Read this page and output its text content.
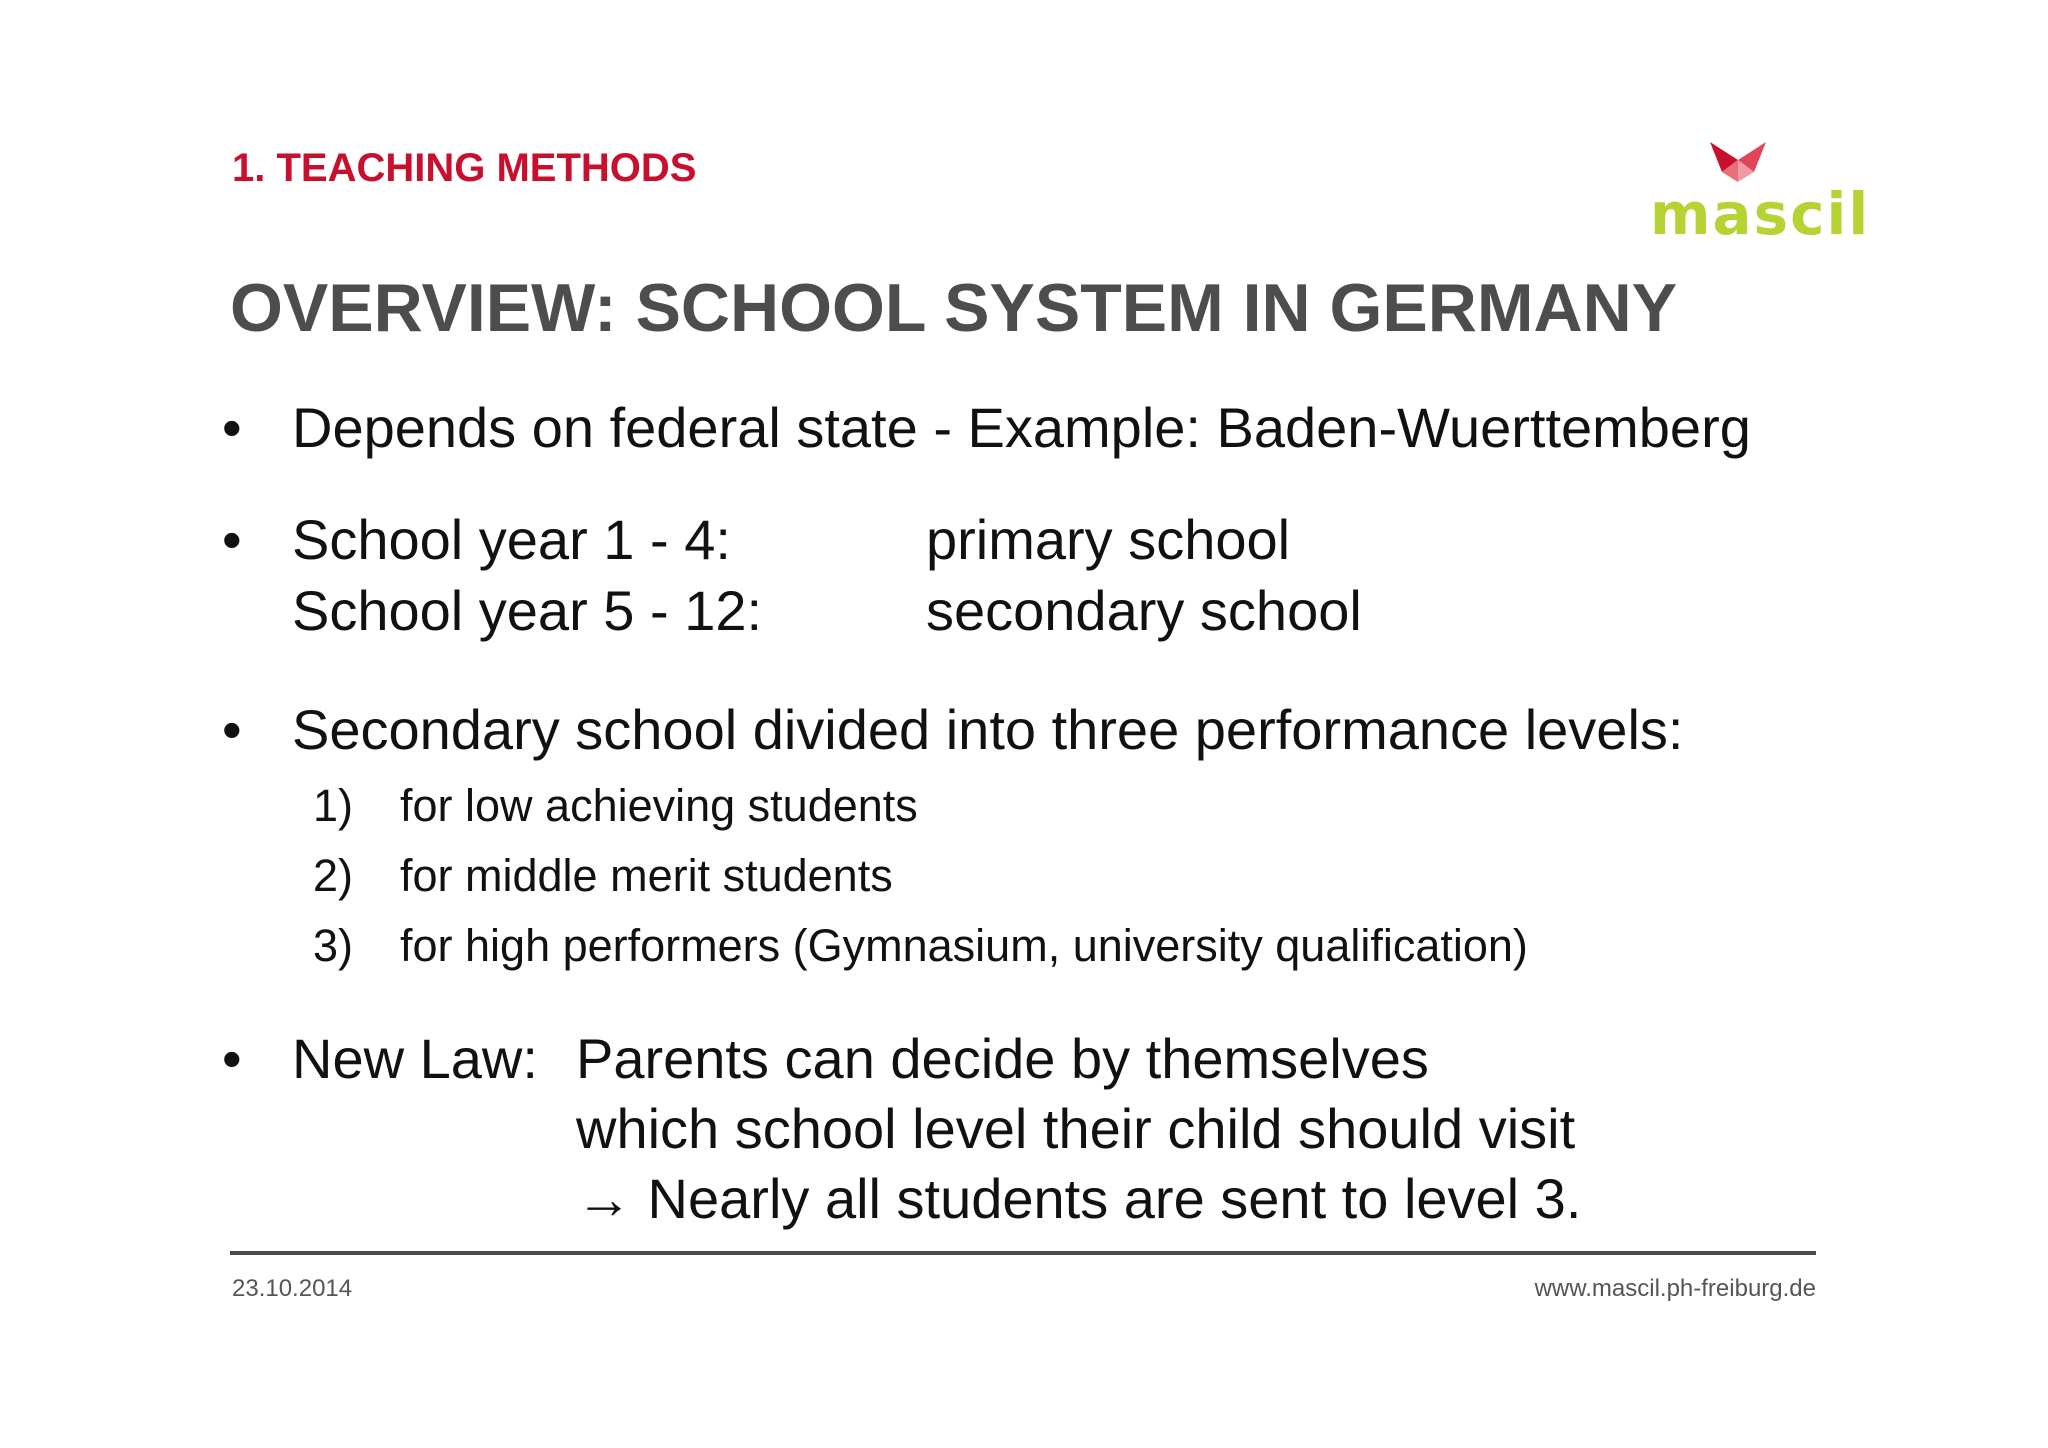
1. TEACHING METHODS
mascil
OVERVIEW: SCHOOL SYSTEM IN GERMANY
• Depends on federal state - Example: Baden-Wuerttemberg
• School year 1 - 4:	primary school
School year 5 - 12:	secondary school
• Secondary school divided into three performance levels:
1) for low achieving students
2) for middle merit students
3) for high performers (Gymnasium, university qualification)
• New Law: Parents can decide by themselves
which school level their child should visit
→ Nearly all students are sent to level 3.
23.10.2014	www.mascil.ph-freiburg.de
